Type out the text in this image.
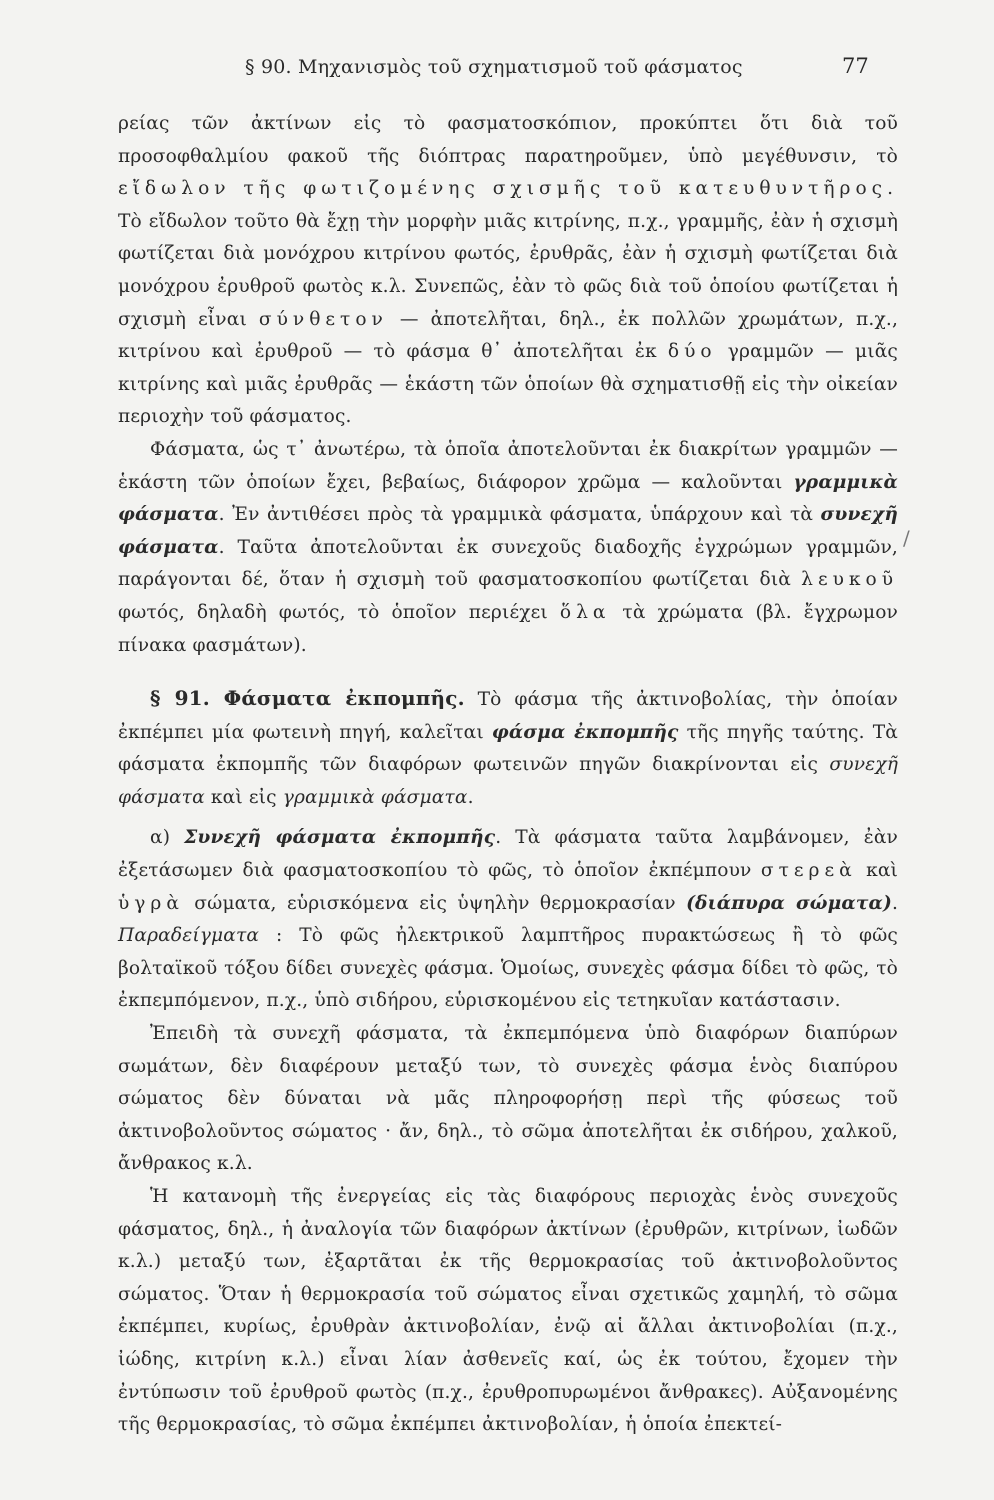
§ 90. Μηχανισμὸς τοῦ σχηματισμοῦ τοῦ φάσματος	77

ρείας τῶν ἀκτίνων εἰς τὸ φασματοσκόπιον, προκύπτει ὅτι διὰ τοῦ προσοφθαλμίου φακοῦ τῆς διόπτρας παρατηροῦμεν, ὑπὸ μεγέθυνσιν, τὸ εἴδωλον τῆς φωτιζομένης σχισμῆς τοῦ κατευθυντῆρος. Τὸ εἴδωλον τοῦτο θὰ ἔχῃ τὴν μορφὴν μιᾶς κιτρίνης, π.χ., γραμμῆς, ἐὰν ἡ σχισμὴ φωτίζεται διὰ μονόχρου κιτρίνου φωτός, ἐρυθρᾶς, ἐὰν ἡ σχισμὴ φωτίζεται διὰ μονόχρου ἐρυθροῦ φωτὸς κ.λ. Συνεπῶς, ἐὰν τὸ φῶς διὰ τοῦ ὁποίου φωτίζεται ἡ σχισμὴ εἶναι σύνθετον — ἀποτελῆται, δηλ., ἐκ πολλῶν χρωμάτων, π.χ., κιτρίνου καὶ ἐρυθροῦ — τὸ φάσμα θ᾿ ἀποτελῆται ἐκ δύο γραμμῶν — μιᾶς κιτρίνης καὶ μιᾶς ἐρυθρᾶς — ἑκάστη τῶν ὁποίων θὰ σχηματισθῇ εἰς τὴν οἰκείαν περιοχὴν τοῦ φάσματος.

Φάσματα, ὡς τ᾿ ἀνωτέρω, τὰ ὁποῖα ἀποτελοῦνται ἐκ διακρίτων γραμμῶν — ἑκάστη τῶν ὁποίων ἔχει, βεβαίως, διάφορον χρῶμα — καλοῦνται γραμμικὰ φάσματα. Ἐν ἀντιθέσει πρὸς τὰ γραμμικὰ φάσματα, ὑπάρχουν καὶ τὰ συνεχῆ φάσματα. Ταῦτα ἀποτελοῦνται ἐκ συνεχοῦς διαδοχῆς ἐγχρώμων γραμμῶν, παράγονται δέ, ὅταν ἡ σχισμὴ τοῦ φασματοσκοπίου φωτίζεται διὰ λευκοῦ φωτός, δηλαδὴ φωτός, τὸ ὁποῖον περιέχει ὅλα τὰ χρώματα (βλ. ἔγχρωμον πίνακα φασμάτων).

§ 91. Φάσματα ἐκπομπῆς. Τὸ φάσμα τῆς ἀκτινοβολίας, τὴν ὁποίαν ἐκπέμπει μία φωτεινὴ πηγή, καλεῖται φάσμα ἐκπομπῆς τῆς πηγῆς ταύτης. Τὰ φάσματα ἐκπομπῆς τῶν διαφόρων φωτεινῶν πηγῶν διακρίνονται εἰς συνεχῆ φάσματα καὶ εἰς γραμμικὰ φάσματα.

α) Συνεχῆ φάσματα ἐκπομπῆς. Τὰ φάσματα ταῦτα λαμβάνομεν, ἐὰν ἐξετάσωμεν διὰ φασματοσκοπίου τὸ φῶς, τὸ ὁποῖον ἐκπέμπουν στερεὰ καὶ ὑγρὰ σώματα, εὑρισκόμενα εἰς ὑψηλὴν θερμοκρασίαν (διάπυρα σώματα). Παραδείγματα : Τὸ φῶς ἠλεκτρικοῦ λαμπτῆρος πυρακτώσεως ἢ τὸ φῶς βολταϊκοῦ τόξου δίδει συνεχὲς φάσμα. Ὁμοίως, συνεχὲς φάσμα δίδει τὸ φῶς, τὸ ἐκπεμπόμενον, π.χ., ὑπὸ σιδήρου, εὑρισκομένου εἰς τετηκυῖαν κατάστασιν.

Ἐπειδὴ τὰ συνεχῆ φάσματα, τὰ ἐκπεμπόμενα ὑπὸ διαφόρων διαπύρων σωμάτων, δὲν διαφέρουν μεταξύ των, τὸ συνεχὲς φάσμα ἑνὸς διαπύρου σώματος δὲν δύναται νὰ μᾶς πληροφορήσῃ περὶ τῆς φύσεως τοῦ ἀκτινοβολοῦντος σώματος · ἄν, δηλ., τὸ σῶμα ἀποτελῆται ἐκ σιδήρου, χαλκοῦ, ἄνθρακος κ.λ.

Ἡ κατανομὴ τῆς ἐνεργείας εἰς τὰς διαφόρους περιοχὰς ἑνὸς συνεχοῦς φάσματος, δηλ., ἡ ἀναλογία τῶν διαφόρων ἀκτίνων (ἐρυθρῶν, κιτρίνων, ἰωδῶν κ.λ.) μεταξύ των, ἐξαρτᾶται ἐκ τῆς θερμοκρασίας τοῦ ἀκτινοβολοῦντος σώματος. Ὅταν ἡ θερμοκρασία τοῦ σώματος εἶναι σχετικῶς χαμηλή, τὸ σῶμα ἐκπέμπει, κυρίως, ἐρυθρὰν ἀκτινοβολίαν, ἐνῷ αἱ ἄλλαι ἀκτινοβολίαι (π.χ., ἰώδης, κιτρίνη κ.λ.) εἶναι λίαν ἀσθενεῖς καί, ὡς ἐκ τούτου, ἔχομεν τὴν ἐντύπωσιν τοῦ ἐρυθροῦ φωτὸς (π.χ., ἐρυθροπυρωμένοι ἄνθρακες). Αὐξανομένης τῆς θερμοκρασίας, τὸ σῶμα ἐκπέμπει ἀκτινοβολίαν, ἡ ὁποία ἐπεκτεί-

/
